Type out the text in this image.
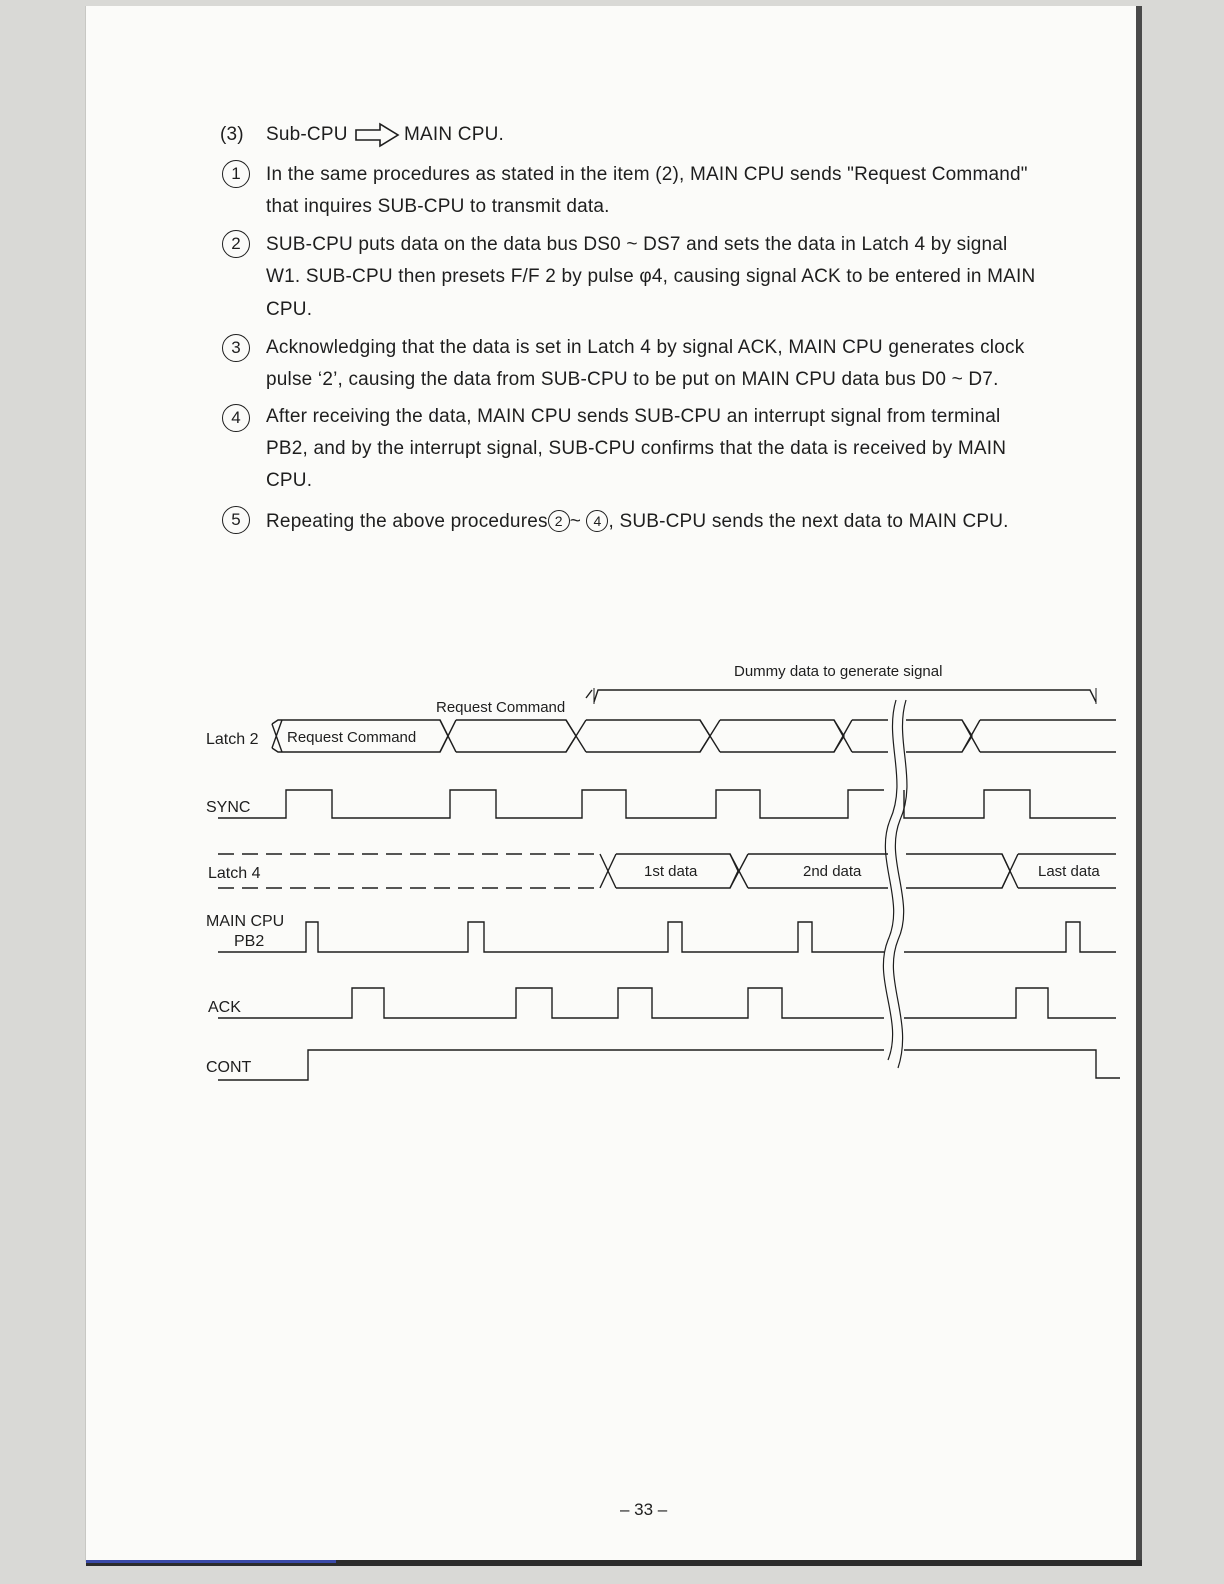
(3) Sub-CPU	MAIN CPU.
1	In the same procedures as stated in the item (2), MAIN CPU sends "Request Command"
that inquires SUB-CPU to transmit data.
2	SUB-CPU puts data on the data bus DS0 ~ DS7 and sets the data in Latch 4 by signal
W1. SUB-CPU then presets F/F 2 by pulse φ4, causing signal ACK to be entered in MAIN
CPU.
3	Acknowledging that the data is set in Latch 4 by signal ACK, MAIN CPU generates clock
pulse ‘2’, causing the data from SUB-CPU to be put on MAIN CPU data bus D0 ~ D7.
4	After receiving the data, MAIN CPU sends SUB-CPU an interrupt signal from terminal
PB2, and by the interrupt signal, SUB-CPU confirms that the data is received by MAIN
CPU.
5	Repeating the above procedures 2 ~ 4 , SUB-CPU sends the next data to MAIN CPU.
Dummy data to generate signal
Request Command
Request Command
1st data	2nd data	Last data
Latch 2
SYNC
Latch 4
MAIN CPU
PB2
ACK
CONT
– 33 –
